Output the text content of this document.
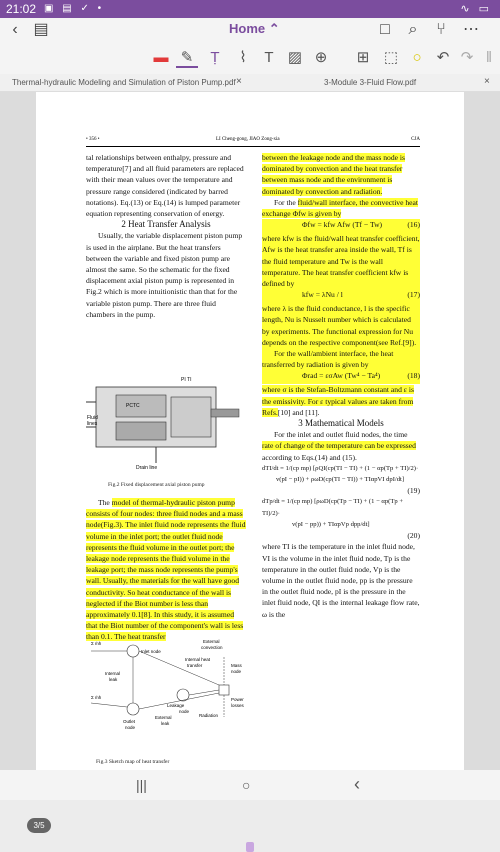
21:02 ▣ ▤ ✓ •	∿ ▭
‹ ▤	Home ⌃	□	⌕	⑂	⋯
▬ ✎	Ṭ	⌇	T ▨ ⊕	⊞ ⬚ ○	↶ ↷ ‖
Thermal-hydraulic Modeling and Simulation of Piston Pump.pdf ×	3-Module 3-Fluid Flow.pdf	×
• 356 •	LI Cheng-gong, JIAO Zong-xia	CJA

tal relationships between enthalpy, pressure and temperature[7] and all fluid parameters are replaced with their mean values over the temperature and pressure range considered (indicated by barred notations). Eq.(13) or Eq.(14) is lumped parameter equation representing conservation of energy.

2 Heat Transfer Analysis

Usually, the variable displacement piston pump is used in the airplane. But the heat transfers between the variable and fixed piston pump are almost the same. So the schematic for the fixed displacement axial piston pump is represented in Fig.2 which is more intuitionistic than that for the variable piston pump. There are three fluid chambers in the pump.

Fluid
lines
Drain line
PI TI
PCTC
Fig.2 Fixed displacement axial piston pump

The model of thermal-hydraulic piston pump consists of four nodes: three fluid nodes and a mass node(Fig.3). The inlet fluid node represents the fluid volume in the inlet port; the outlet fluid node represents the fluid volume in the outlet port; the leakage node represents the fluid volume in the leakage port; the mass node represents the pump's wall. Usually, the materials for the wall have good conductivity. So heat conductance of the wall is neglected if the Biot number is less than approximately 0.1[8]. In this study, it is assumed that the Biot number of the component's wall is less than 0.1. The heat transfer

Σ ṁh
Σ ṁh
Inlet node
Internal
leak
Outlet
node
External
convection
Internal heat
transfer	Mass
node
Power
losses
Radiation
Leakage
node
External
leak
Fig.3 Sketch map of heat transfer

between the leakage node and the mass node is dominated by convection and the heat transfer between mass node and the environment is dominated by convection and radiation.

For the fluid/wall interface, the convective heat exchange Φfw is given by

Φfw = kfw Afw (Tf − Tw)	(16)

where kfw is the fluid/wall heat transfer coefficient, Afw is the heat transfer area inside the wall, Tf is the fluid temperature and Tw is the wall temperature. The heat transfer coefficient kfw is defined by

kfw = λNu / l	(17)

where λ is the fluid conductance, l is the specific length, Nu is Nusselt number which is calculated by experiments. The functional expression for Nu depends on the respective component(see Ref.[9]).

For the wall/ambient interface, the heat transferred by radiation is given by

Φrad = εσAw (Tw⁴ − Ta⁴)	(18)

where σ is the Stefan-Boltzmann constant and ε is the emissivity. For ε typical values are taken from Refs.[10] and [11].

3 Mathematical Models

For the inlet and outlet fluid nodes, the time rate of change of the temperature can be expressed according to Eqs.(14) and (15).

dTI/dt = 1/(cp mp) [ρQI(cp(TI − TI) + (1 − αp(Tp + TI)/2)·

v(pI − pI)) + ρωD(cp(TI − TI)) + TIαpVI dpI/dt]

(19)

dTp/dt = 1/(cp mp) [ρωD(cp(Tp − TI) + (1 − αp(Tp + TI)/2)·

v(pI − pp)) + TIαpVp dpp/dt]

(20)

where TI is the temperature in the inlet fluid node, VI is the volume in the inlet fluid node, Tp is the temperature in the outlet fluid node, Vp is the volume in the outlet fluid node, pp is the pressure in the outlet fluid node, pI is the pressure in the inlet fluid node, QI is the internal leakage flow rate, ω is the

3/5
|||	○	‹
